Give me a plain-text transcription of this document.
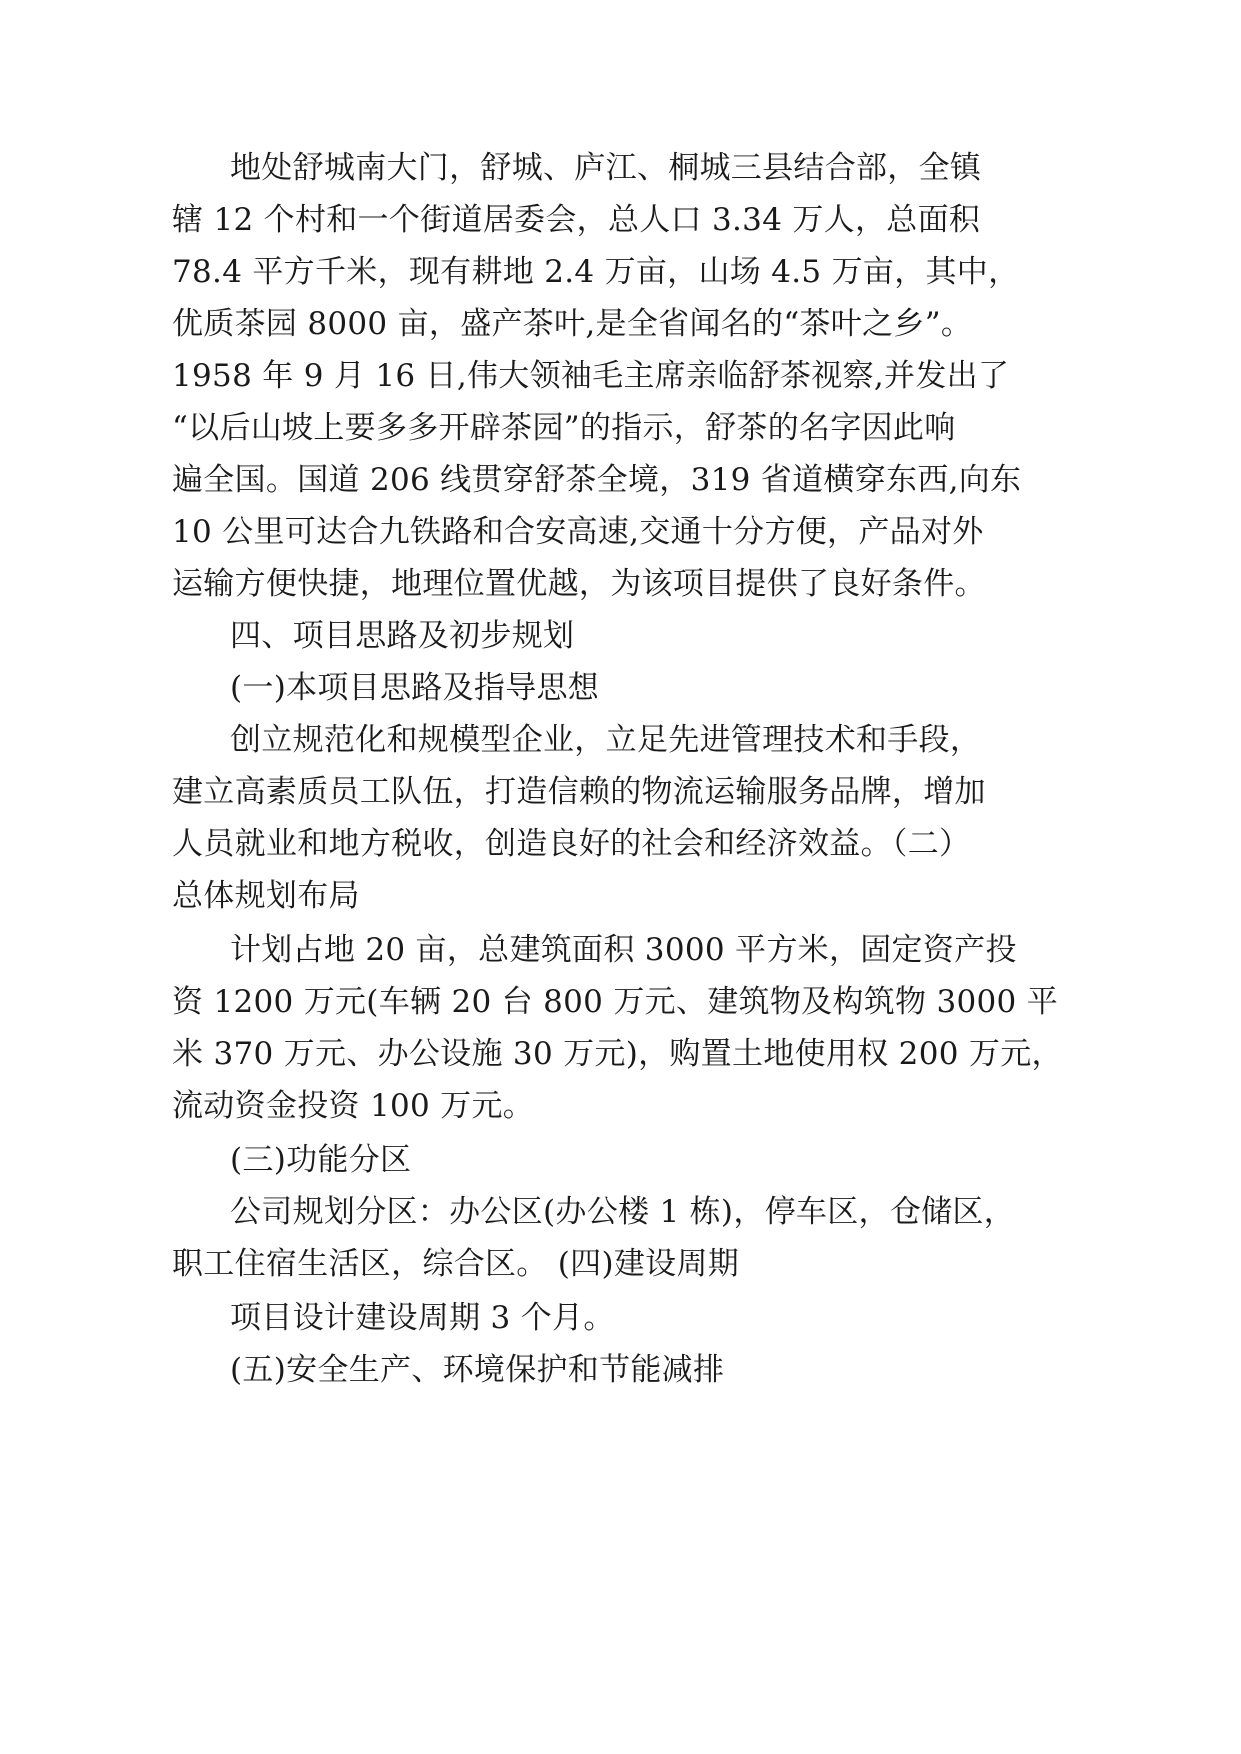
地处舒城南大门，舒城、庐江、桐城三县结合部，全镇
辖 12 个村和一个街道居委会，总人口 3.34 万人，总面积
78.4 平方千米，现有耕地 2.4 万亩，山场 4.5 万亩，其中，
优质茶园 8000 亩，盛产茶叶,是全省闻名的“茶叶之乡”。
1958 年 9 月 16 日,伟大领袖毛主席亲临舒茶视察,并发出了
“以后山坡上要多多开辟茶园”的指示，舒茶的名字因此响
遍全国。国道 206 线贯穿舒茶全境，319 省道横穿东西,向东
10 公里可达合九铁路和合安高速,交通十分方便，产品对外
运输方便快捷，地理位置优越，为该项目提供了良好条件。
四、项目思路及初步规划
(一)本项目思路及指导思想
创立规范化和规模型企业，立足先进管理技术和手段，
建立高素质员工队伍，打造信赖的物流运输服务品牌，增加
人员就业和地方税收，创造良好的社会和经济效益。（二）
总体规划布局
计划占地 20 亩，总建筑面积 3000 平方米，固定资产投
资 1200 万元(车辆 20 台 800 万元、建筑物及构筑物 3000 平
米 370 万元、办公设施 30 万元)，购置土地使用权 200 万元，
流动资金投资 100 万元。
(三)功能分区
公司规划分区：办公区(办公楼 1 栋)，停车区，仓储区，
职工住宿生活区，综合区。 (四)建设周期
项目设计建设周期 3 个月。
(五)安全生产、环境保护和节能减排
